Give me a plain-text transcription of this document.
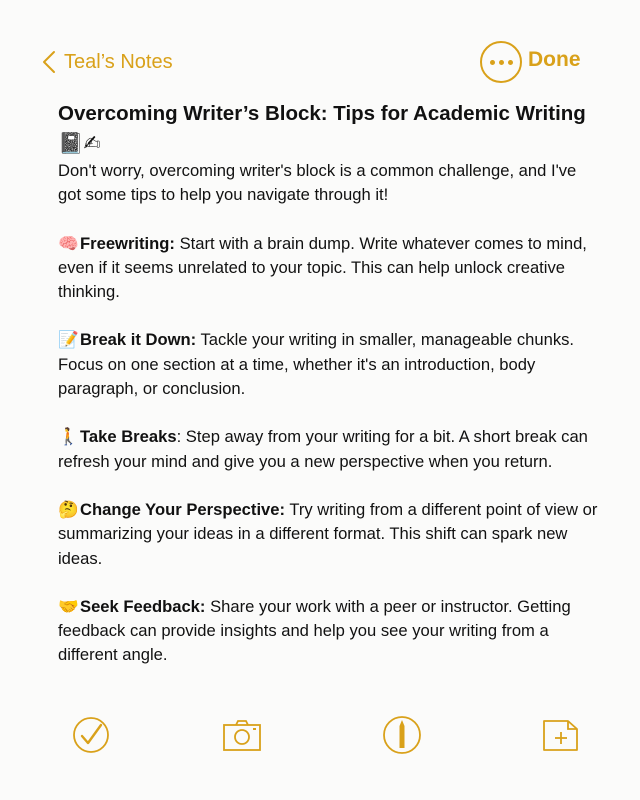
Teal’s Notes	Done
Overcoming Writer’s Block: Tips for Academic Writing 📓✍

Don't worry, overcoming writer's block is a common challenge, and I've got some tips to help you navigate through it!

🧠Freewriting: Start with a brain dump. Write whatever comes to mind, even if it seems unrelated to your topic. This can help unlock creative thinking.

📝Break it Down: Tackle your writing in smaller, manageable chunks. Focus on one section at a time, whether it's an introduction, body paragraph, or conclusion.

🚶Take Breaks: Step away from your writing for a bit. A short break can refresh your mind and give you a new perspective when you return.

🤔Change Your Perspective: Try writing from a different point of view or summarizing your ideas in a different format. This shift can spark new ideas.

🤝Seek Feedback: Share your work with a peer or instructor. Getting feedback can provide insights and help you see your writing from a different angle.
